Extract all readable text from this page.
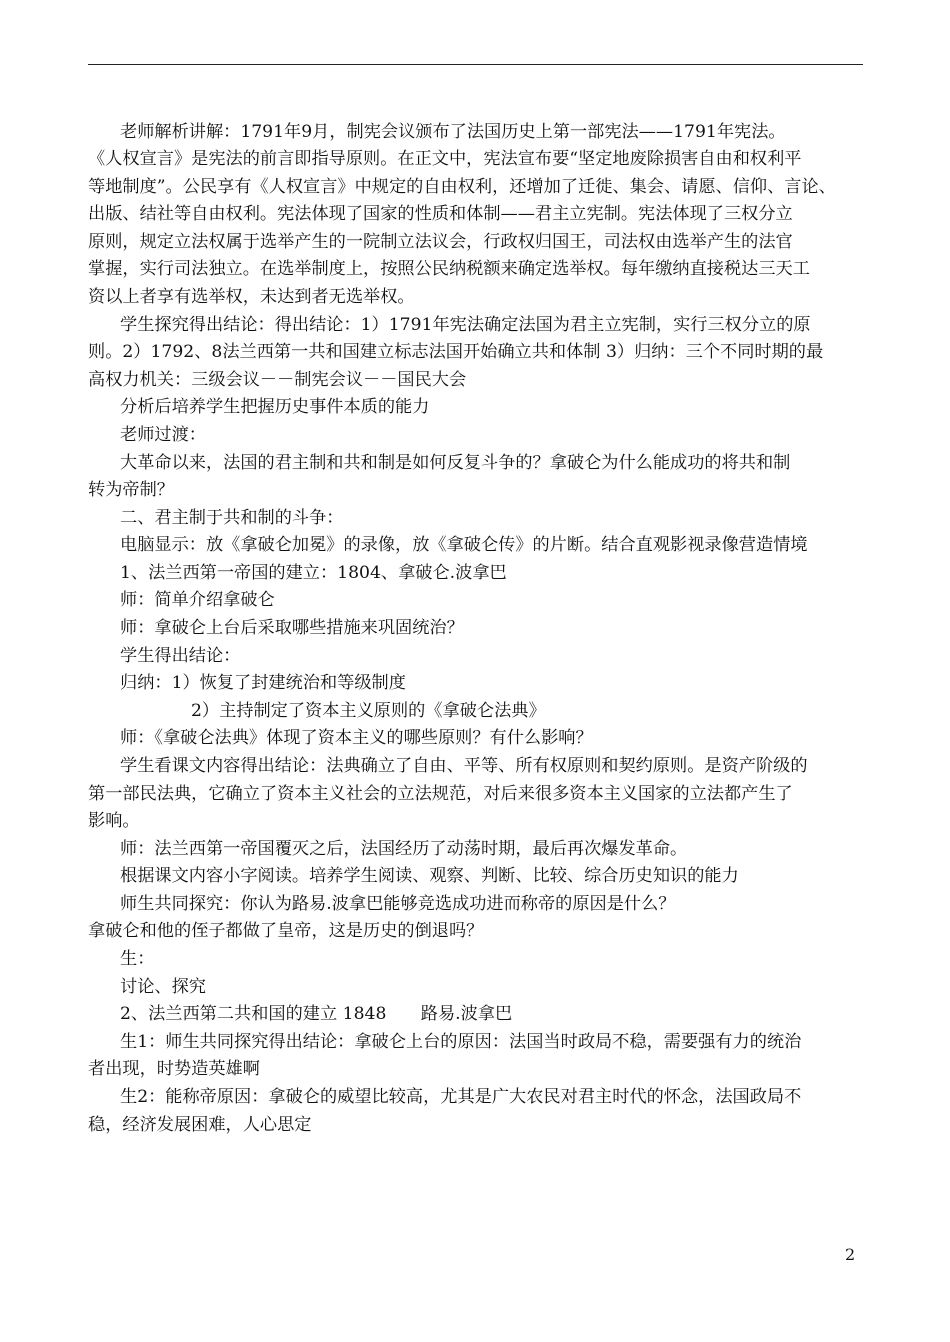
老师解析讲解：1791年9月，制宪会议颁布了法国历史上第一部宪法——1791年宪法。
《人权宣言》是宪法的前言即指导原则。在正文中，宪法宣布要“坚定地废除损害自由和权利平
等地制度”。公民享有《人权宣言》中规定的自由权利，还增加了迁徙、集会、请愿、信仰、言论、
出版、结社等自由权利。宪法体现了国家的性质和体制——君主立宪制。宪法体现了三权分立
原则，规定立法权属于选举产生的一院制立法议会，行政权归国王，司法权由选举产生的法官
掌握，实行司法独立。在选举制度上，按照公民纳税额来确定选举权。每年缴纳直接税达三天工
资以上者享有选举权，未达到者无选举权。
学生探究得出结论：得出结论：1）1791年宪法确定法国为君主立宪制，实行三权分立的原
则。2）1792、8法兰西第一共和国建立标志法国开始确立共和体制 3）归纳：三个不同时期的最
高权力机关：三级会议－－制宪会议－－国民大会
分析后培养学生把握历史事件本质的能力
老师过渡：
大革命以来，法国的君主制和共和制是如何反复斗争的？拿破仑为什么能成功的将共和制
转为帝制？
二、君主制于共和制的斗争：
电脑显示：放《拿破仑加冕》的录像，放《拿破仑传》的片断。结合直观影视录像营造情境
1、法兰西第一帝国的建立：1804、拿破仑.波拿巴
师：简单介绍拿破仑
师：拿破仑上台后采取哪些措施来巩固统治？
学生得出结论：
归纳：1）恢复了封建统治和等级制度
2）主持制定了资本主义原则的《拿破仑法典》
师：《拿破仑法典》体现了资本主义的哪些原则？有什么影响？
学生看课文内容得出结论：法典确立了自由、平等、所有权原则和契约原则。是资产阶级的
第一部民法典，它确立了资本主义社会的立法规范，对后来很多资本主义国家的立法都产生了
影响。
师：法兰西第一帝国覆灭之后，法国经历了动荡时期，最后再次爆发革命。
根据课文内容小字阅读。培养学生阅读、观察、判断、比较、综合历史知识的能力
师生共同探究：你认为路易.波拿巴能够竞选成功进而称帝的原因是什么？
拿破仑和他的侄子都做了皇帝，这是历史的倒退吗？
生：
讨论、探究
2、法兰西第二共和国的建立 1848　　路易.波拿巴
生1：师生共同探究得出结论：拿破仑上台的原因：法国当时政局不稳，需要强有力的统治
者出现，时势造英雄啊
生2：能称帝原因：拿破仑的威望比较高，尤其是广大农民对君主时代的怀念，法国政局不
稳，经济发展困难，人心思定
2
